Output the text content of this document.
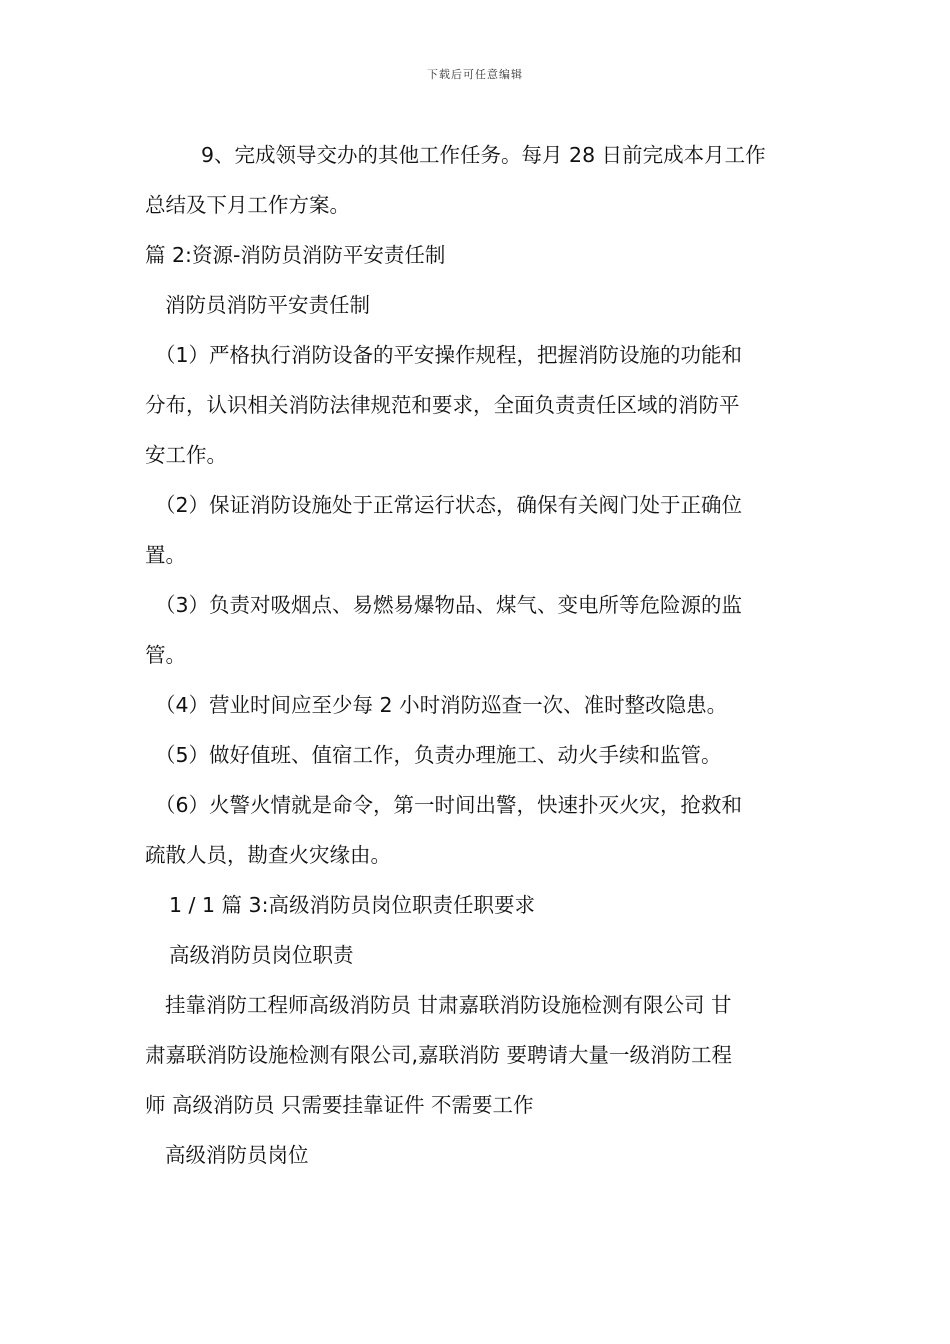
下载后可任意编辑
9、完成领导交办的其他工作任务。每月 28 日前完成本月工作
总结及下月工作方案。
篇 2:资源-消防员消防平安责任制
消防员消防平安责任制
（1）严格执行消防设备的平安操作规程，把握消防设施的功能和
分布，认识相关消防法律规范和要求，全面负责责任区域的消防平
安工作。
（2）保证消防设施处于正常运行状态，确保有关阀门处于正确位
置。
（3）负责对吸烟点、易燃易爆物品、煤气、变电所等危险源的监
管。
（4）营业时间应至少每 2 小时消防巡查一次、准时整改隐患。
（5）做好值班、值宿工作，负责办理施工、动火手续和监管。
（6）火警火情就是命令，第一时间出警，快速扑灭火灾，抢救和
疏散人员，勘查火灾缘由。
1 / 1 篇 3:高级消防员岗位职责任职要求
高级消防员岗位职责
挂靠消防工程师高级消防员 甘肃嘉联消防设施检测有限公司 甘
肃嘉联消防设施检测有限公司,嘉联消防 要聘请大量一级消防工程
师 高级消防员 只需要挂靠证件 不需要工作
高级消防员岗位
